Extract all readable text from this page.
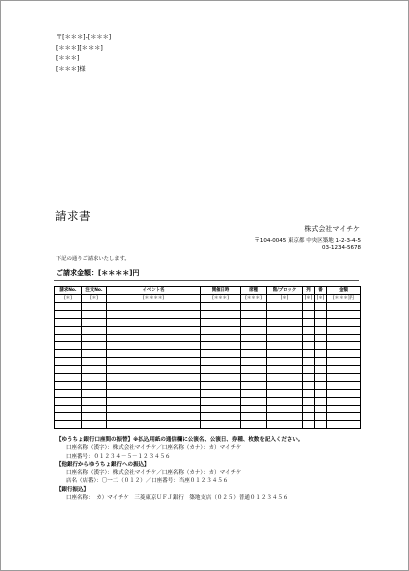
〒[＊＊＊]-[＊＊＊]
[＊＊＊][＊＊＊]
[＊＊＊]
[＊＊＊]様
請求書
株式会社マイチケ
〒104-0045 東京都 中央区築地 1-2-3-4-5
03-1234-5678
下記の通りご請求いたします。
ご請求金額：[＊＊＊＊]円
請求No.	注文No.	イベント名	開催日時	席種	階/ブロック	列	番	金額
[＊]	[＊]	[＊＊＊＊]	[＊＊＊]	[＊＊＊]	[＊]	[＊]	[＊]	[＊＊＊]円

【ゆうちょ銀行口座間の振替】※払込用紙の通信欄に公演名、公演日、券種、枚数を記入ください。
口座名称（漢字）：株式会社マイチケ／口座名称（カナ）：カ）マイチケ
口座番号：０１２３４－５－１２３４５６
【他銀行からゆうちょ銀行への振込】
口座名称（漢字）：株式会社マイチケ／口座名称（カナ）：カ）マイチケ
店名（店番）：〇一二（０１２）／口座番号：当座０１２３４５６
【銀行振込】
口座名称：　カ）マイチケ　三菱東京ＵＦＪ銀行　築地支店（０２５）普通０１２３４５６
